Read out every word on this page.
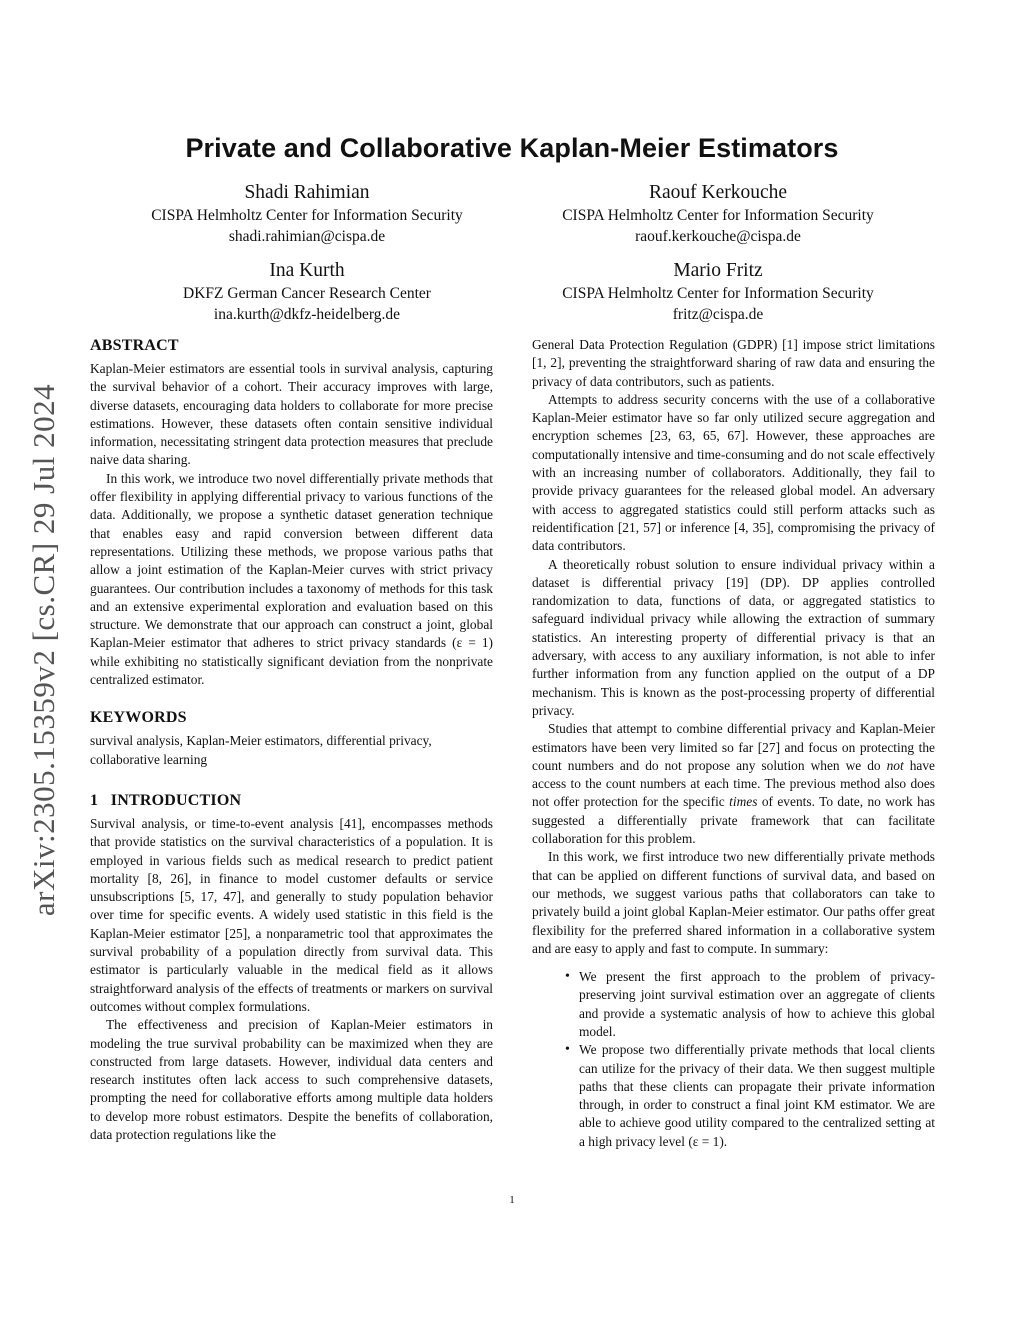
arXiv:2305.15359v2 [cs.CR] 29 Jul 2024
Private and Collaborative Kaplan-Meier Estimators
Shadi Rahimian
CISPA Helmholtz Center for Information Security
shadi.rahimian@cispa.de
Raouf Kerkouche
CISPA Helmholtz Center for Information Security
raouf.kerkouche@cispa.de
Ina Kurth
DKFZ German Cancer Research Center
ina.kurth@dkfz-heidelberg.de
Mario Fritz
CISPA Helmholtz Center for Information Security
fritz@cispa.de
ABSTRACT

Kaplan-Meier estimators are essential tools in survival analysis, capturing the survival behavior of a cohort. Their accuracy improves with large, diverse datasets, encouraging data holders to collaborate for more precise estimations. However, these datasets often contain sensitive individual information, necessitating stringent data protection measures that preclude naive data sharing.

In this work, we introduce two novel differentially private methods that offer flexibility in applying differential privacy to various functions of the data. Additionally, we propose a synthetic dataset generation technique that enables easy and rapid conversion between different data representations. Utilizing these methods, we propose various paths that allow a joint estimation of the Kaplan-Meier curves with strict privacy guarantees. Our contribution includes a taxonomy of methods for this task and an extensive experimental exploration and evaluation based on this structure. We demonstrate that our approach can construct a joint, global Kaplan-Meier estimator that adheres to strict privacy standards (ε = 1) while exhibiting no statistically significant deviation from the nonprivate centralized estimator.

KEYWORDS

survival analysis, Kaplan-Meier estimators, differential privacy, collaborative learning

1   INTRODUCTION

Survival analysis, or time-to-event analysis [41], encompasses methods that provide statistics on the survival characteristics of a population. It is employed in various fields such as medical research to predict patient mortality [8, 26], in finance to model customer defaults or service unsubscriptions [5, 17, 47], and generally to study population behavior over time for specific events. A widely used statistic in this field is the Kaplan-Meier estimator [25], a nonparametric tool that approximates the survival probability of a population directly from survival data. This estimator is particularly valuable in the medical field as it allows straightforward analysis of the effects of treatments or markers on survival outcomes without complex formulations.

The effectiveness and precision of Kaplan-Meier estimators in modeling the true survival probability can be maximized when they are constructed from large datasets. However, individual data centers and research institutes often lack access to such comprehensive datasets, prompting the need for collaborative efforts among multiple data holders to develop more robust estimators. Despite the benefits of collaboration, data protection regulations like the

General Data Protection Regulation (GDPR) [1] impose strict limitations [1, 2], preventing the straightforward sharing of raw data and ensuring the privacy of data contributors, such as patients.

Attempts to address security concerns with the use of a collaborative Kaplan-Meier estimator have so far only utilized secure aggregation and encryption schemes [23, 63, 65, 67]. However, these approaches are computationally intensive and time-consuming and do not scale effectively with an increasing number of collaborators. Additionally, they fail to provide privacy guarantees for the released global model. An adversary with access to aggregated statistics could still perform attacks such as reidentification [21, 57] or inference [4, 35], compromising the privacy of data contributors.

A theoretically robust solution to ensure individual privacy within a dataset is differential privacy [19] (DP). DP applies controlled randomization to data, functions of data, or aggregated statistics to safeguard individual privacy while allowing the extraction of summary statistics. An interesting property of differential privacy is that an adversary, with access to any auxiliary information, is not able to infer further information from any function applied on the output of a DP mechanism. This is known as the post-processing property of differential privacy.

Studies that attempt to combine differential privacy and Kaplan-Meier estimators have been very limited so far [27] and focus on protecting the count numbers and do not propose any solution when we do not have access to the count numbers at each time. The previous method also does not offer protection for the specific times of events. To date, no work has suggested a differentially private framework that can facilitate collaboration for this problem.

In this work, we first introduce two new differentially private methods that can be applied on different functions of survival data, and based on our methods, we suggest various paths that collaborators can take to privately build a joint global Kaplan-Meier estimator. Our paths offer great flexibility for the preferred shared information in a collaborative system and are easy to apply and fast to compute. In summary:

• We present the first approach to the problem of privacy-preserving joint survival estimation over an aggregate of clients and provide a systematic analysis of how to achieve this global model.
• We propose two differentially private methods that local clients can utilize for the privacy of their data. We then suggest multiple paths that these clients can propagate their private information through, in order to construct a final joint KM estimator. We are able to achieve good utility compared to the centralized setting at a high privacy level (ε = 1).
1
